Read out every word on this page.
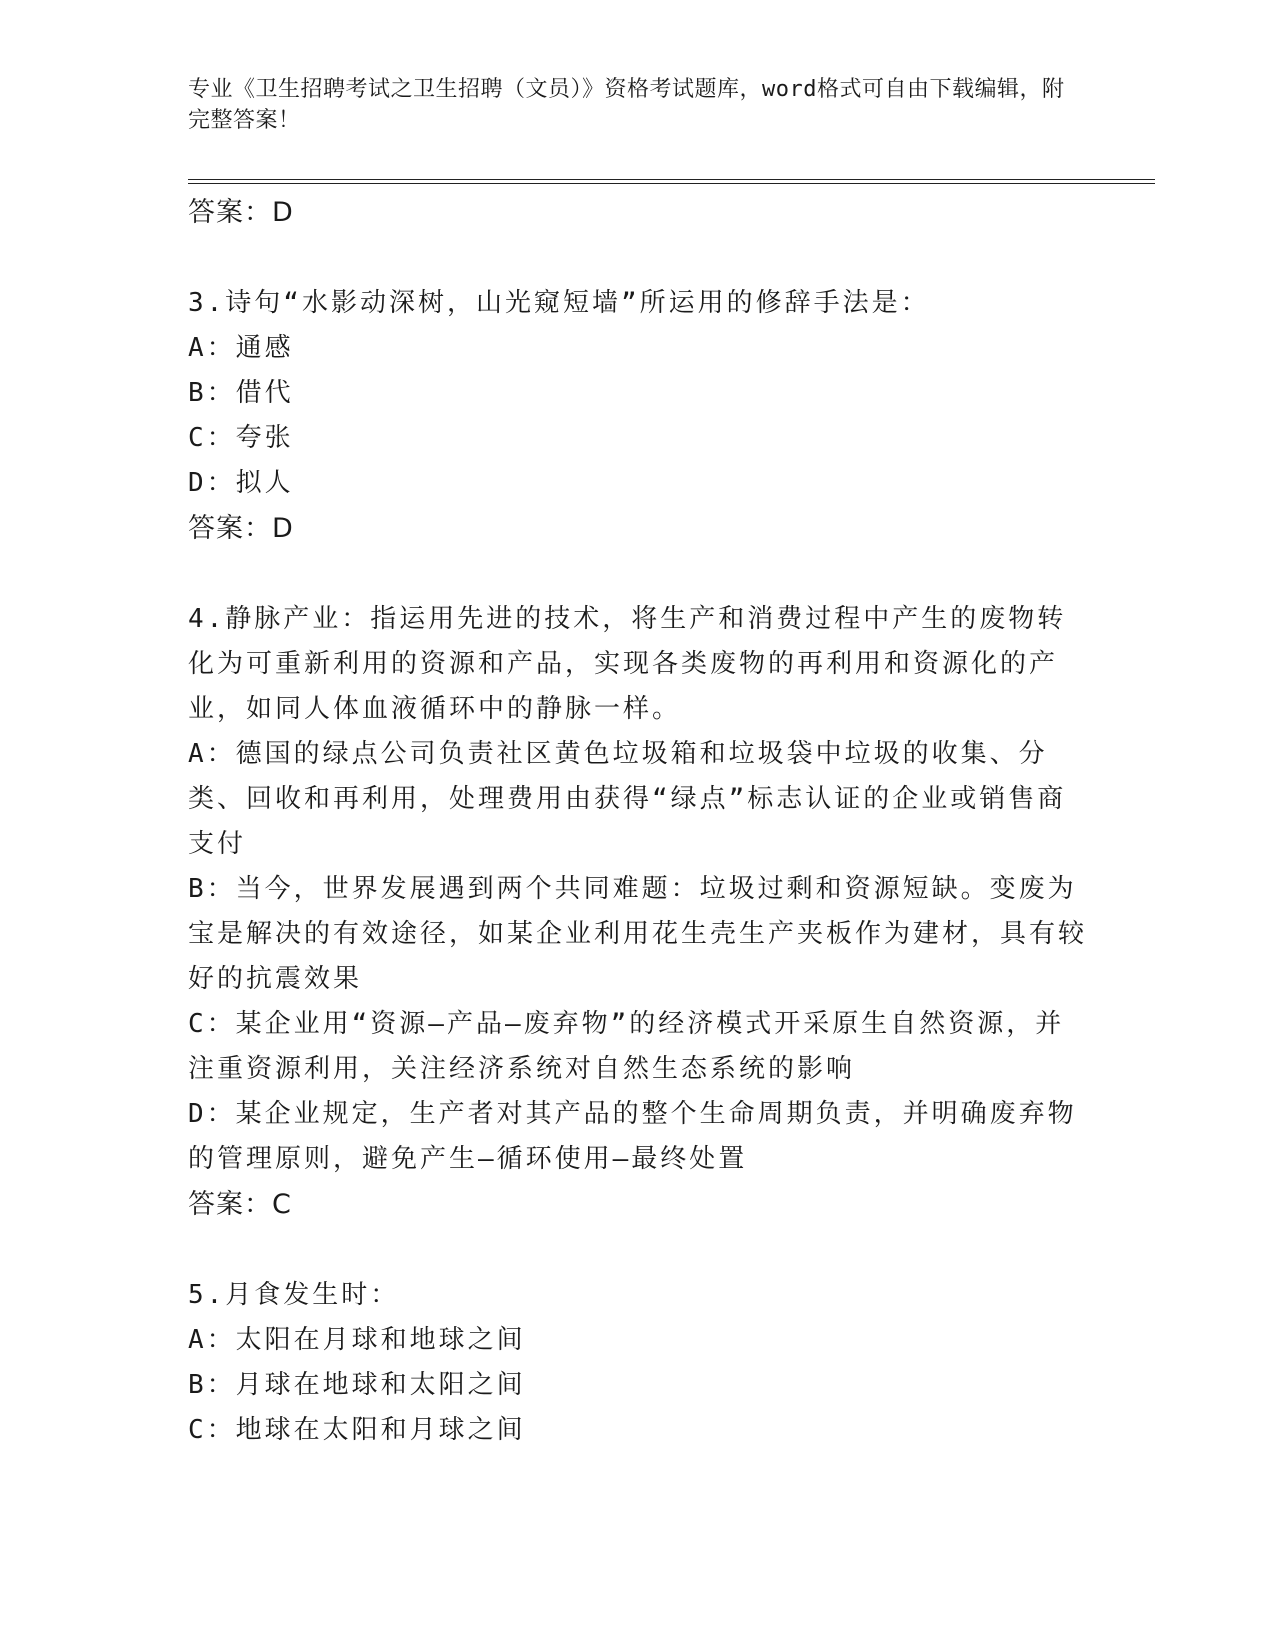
专业《卫生招聘考试之卫生招聘（文员）》资格考试题库，word格式可自由下载编辑，附完整答案！
答案：D
3.诗句“水影动深树，山光窥短墙”所运用的修辞手法是：
A：通感
B：借代
C：夸张
D：拟人
答案：D
4.静脉产业：指运用先进的技术，将生产和消费过程中产生的废物转化为可重新利用的资源和产品，实现各类废物的再利用和资源化的产业，如同人体血液循环中的静脉一样。
A：德国的绿点公司负责社区黄色垃圾箱和垃圾袋中垃圾的收集、分类、回收和再利用，处理费用由获得“绿点”标志认证的企业或销售商支付
B：当今，世界发展遇到两个共同难题：垃圾过剩和资源短缺。变废为宝是解决的有效途径，如某企业利用花生壳生产夹板作为建材，具有较好的抗震效果
C：某企业用“资源—产品—废弃物”的经济模式开采原生自然资源，并注重资源利用，关注经济系统对自然生态系统的影响
D：某企业规定，生产者对其产品的整个生命周期负责，并明确废弃物的管理原则，避免产生—循环使用—最终处置
答案：C
5.月食发生时：
A：太阳在月球和地球之间
B：月球在地球和太阳之间
C：地球在太阳和月球之间
